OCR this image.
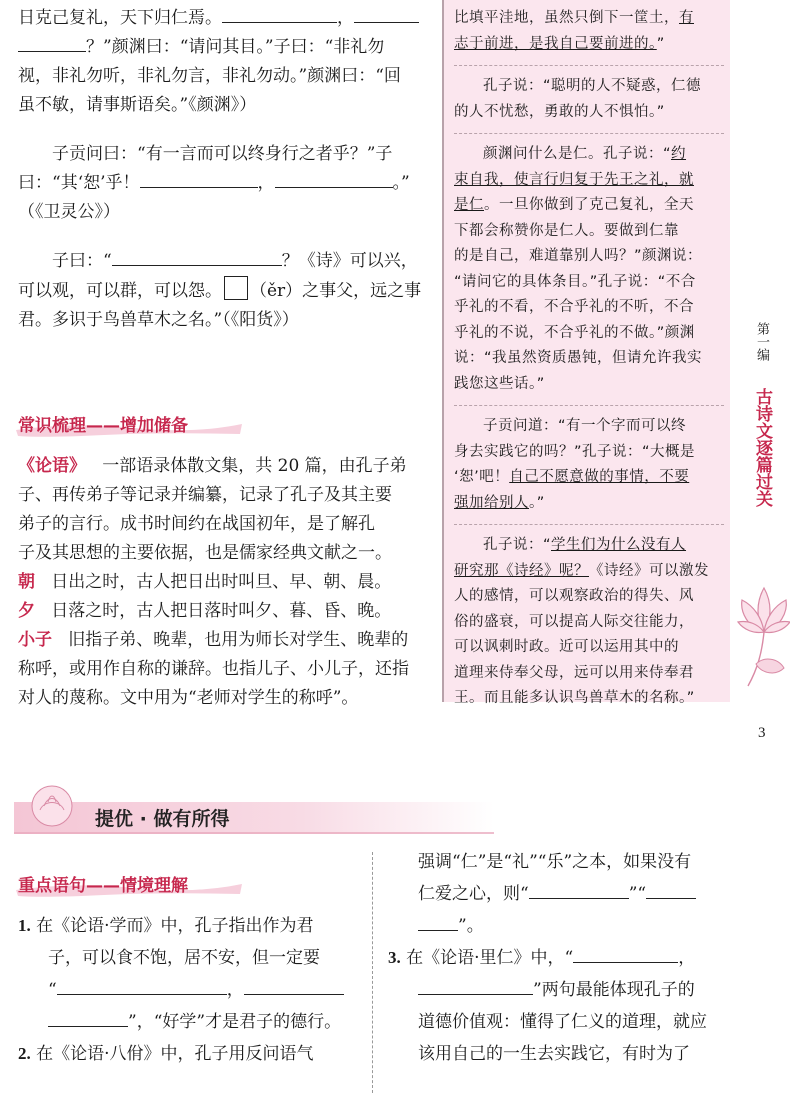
日克己复礼，天下归仁焉。	，

？”颜渊曰：“请问其目。”子曰：“非礼勿

视，非礼勿听，非礼勿言，非礼勿动。”颜渊曰：“回

虽不敏，请事斯语矣。”《颜渊》）

子贡问曰：“有一言而可以终身行之者乎？”子

曰：“其‘恕’乎！	，	。”

（《卫灵公》）

子曰：“	？《诗》可以兴，

可以观，可以群，可以怨。 （ěr）之事父，远之事

君。多识于鸟兽草木之名。”（《阳货》）

常识梳理——增加储备

《论语》 一部语录体散文集，共 20 篇，由孔子弟

子、再传弟子等记录并编纂，记录了孔子及其主要

弟子的言行。成书时间约在战国初年，是了解孔

子及其思想的主要依据，也是儒家经典文献之一。

朝 日出之时，古人把日出时叫旦、早、朝、晨。

夕 日落之时，古人把日落时叫夕、暮、昏、晚。

小子 旧指子弟、晚辈，也用为师长对学生、晚辈的

称呼，或用作自称的谦辞。也指儿子、小儿子，还指

对人的蔑称。文中用为“老师对学生的称呼”。

比填平洼地，虽然只倒下一筐土，有

志于前进，是我自己要前进的。”

孔子说：“聪明的人不疑惑，仁德

的人不忧愁，勇敢的人不惧怕。”

颜渊问什么是仁。孔子说：“约

束自我，使言行归复于先王之礼，就

是仁。一旦你做到了克己复礼，全天

下都会称赞你是仁人。要做到仁靠

的是自己，难道靠别人吗？”颜渊说：

“请问它的具体条目。”孔子说：“不合

乎礼的不看，不合乎礼的不听，不合

乎礼的不说，不合乎礼的不做。”颜渊

说：“我虽然资质愚钝，但请允许我实

践您这些话。”

子贡问道：“有一个字而可以终

身去实践它的吗？”孔子说：“大概是

‘恕’吧！自己不愿意做的事情，不要

强加给别人。”

孔子说：“学生们为什么没有人

研究那《诗经》呢？《诗经》可以激发

人的感情，可以观察政治的得失、风

俗的盛衰，可以提高人际交往能力，

可以讽刺时政。近可以运用其中的

道理来侍奉父母，远可以用来侍奉君

王。而且能多认识鸟兽草木的名称。”

第一编
古诗文逐篇过关
3
提优 · 做有所得
重点语句——情境理解

1. 在《论语·学而》中，孔子指出作为君

子，可以食不饱，居不安，但一定要

“	，

”，“好学”才是君子的德行。

2. 在《论语·八佾》中，孔子用反问语气

强调“仁”是“礼”“乐”之本，如果没有

仁爱之心，则“	”“

”。

3. 在《论语·里仁》中，“	，

”两句最能体现孔子的

道德价值观：懂得了仁义的道理，就应

该用自己的一生去实践它，有时为了
